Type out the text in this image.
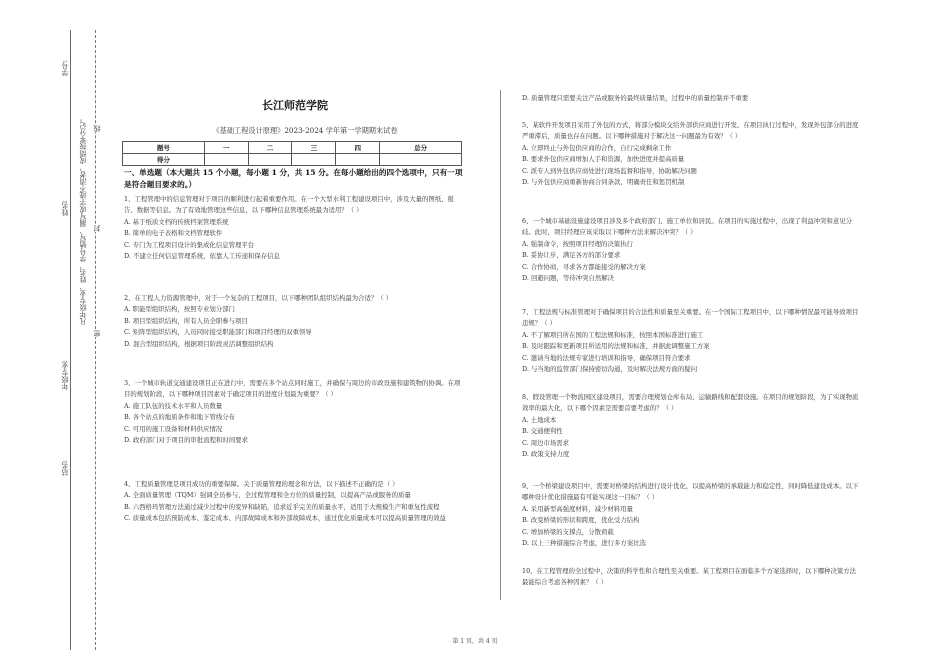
学号:
姓名:
年级专业:
站名:
凡年级专业、姓名、学号错写、漏写或字迹不清者，成绩按零分记。
密
封
线
长江师范学院
《基础工程设计原理》2023-2024 学年第一学期期末试卷
题号	一	二	三	四	总分
得分					
一、单选题（本大题共 15 个小题，每小题 1 分，共 15 分。在每小题给出的四个选项中，只有一项是符合题目要求的。）

1、工程管理中的信息管理对于项目的顺利进行起着重要作用。在一个大型水利工程建设项目中，涉及大量的图纸、报告、数据等信息。为了有效地管理这些信息，以下哪种信息管理系统最为适用？（ ）

A. 基于纸质文档的传统档案管理系统

B. 简单的电子表格和文档管理软件

C. 专门为工程项目设计的集成化信息管理平台

D. 不建立任何信息管理系统，依靠人工传递和保存信息

2、在工程人力资源管理中，对于一个复杂的工程项目，以下哪种团队组织结构最为合适？（ ）

A. 职能型组织结构，按照专业划分部门

B. 项目型组织结构，所有人员全职参与项目

C. 矩阵型组织结构，人员同时接受职能部门和项目经理的双重领导

D. 混合型组织结构，根据项目阶段灵活调整组织结构

3、一个城市轨道交通建设项目正在进行中，需要在多个站点同时施工，并确保与周边的市政设施和建筑物的协调。在项目的规划阶段，以下哪种项目因素对于确定项目的进度计划最为重要？（ ）

A. 施工队伍的技术水平和人员数量

B. 各个站点的地质条件和地下管线分布

C. 可用的施工设备和材料供应情况

D. 政府部门对于项目的审批流程和时间要求

4、工程质量管理是项目成功的重要保障。关于质量管理的理念和方法，以下描述不正确的是（ ）

A. 全面质量管理（TQM）强调全员参与、全过程管理和全方位的质量控制，以提高产品或服务的质量

B. 六西格玛管理方法通过减少过程中的变异和缺陷，追求近乎完美的质量水平，适用于大规模生产和重复性流程

C. 质量成本包括预防成本、鉴定成本、内部故障成本和外部故障成本，通过优化质量成本可以提高质量管理的效益

D. 质量管理只需要关注产品或服务的最终质量结果，过程中的质量控制并不重要

5、某软件开发项目采用了外包的方式，将部分模块交给外部供应商进行开发。在项目执行过程中，发现外包部分的进度严重滞后，质量也存在问题。以下哪种措施对于解决这一问题最为有效？（ ）

A. 立即终止与外包供应商的合作，自行完成剩余工作

B. 要求外包供应商增加人手和资源，加快进度并提高质量

C. 派专人到外包供应商处进行现场监督和指导，协助解决问题

D. 与外包供应商重新协商合同条款，明确责任和惩罚机制

6、一个城市基础设施建设项目涉及多个政府部门、施工单位和居民。在项目的实施过程中，出现了利益冲突和意见分歧。此时，项目经理应该采取以下哪种方法来解决冲突？（ ）

A. 强制命令，按照项目经理的决策执行

B. 妥协让步，满足各方的部分要求

C. 合作协商，寻求各方都能接受的解决方案

D. 回避问题，等待冲突自然解决

7、工程法规与标准管理对于确保项目的合法性和质量至关重要。在一个国际工程项目中，以下哪种情况最可能导致项目违规？（ ）

A. 不了解项目所在国的工程法规和标准，按照本国标准进行施工

B. 及时跟踪和更新项目所适用的法规和标准，并据此调整施工方案

C. 邀请当地的法规专家进行培训和指导，确保项目符合要求

D. 与当地的监管部门保持密切沟通，及时解决法规方面的疑问

8、假设管理一个物流园区建设项目，需要合理规划仓库布局、运输路线和配套设施。在项目的规划阶段，为了实现物流效率的最大化，以下哪个因素是需要首要考虑的？（ ）

A. 土地成本

B. 交通便利性

C. 周边市场需求

D. 政策支持力度

9、一个桥梁建设项目中，需要对桥梁的结构进行设计优化，以提高桥梁的承载能力和稳定性，同时降低建设成本。以下哪种设计优化措施最有可能实现这一目标？（ ）

A. 采用新型高强度材料，减少材料用量

B. 改变桥梁的形状和跨度，优化受力结构

C. 增加桥梁的支撑点，分散荷载

D. 以上三种措施综合考虑，进行多方案比选

10、在工程管理的全过程中，决策的科学性和合理性至关重要。某工程项目在面临多个方案选择时，以下哪种决策方法最能综合考虑各种因素？（ ）

第 1 页，共 4 页
